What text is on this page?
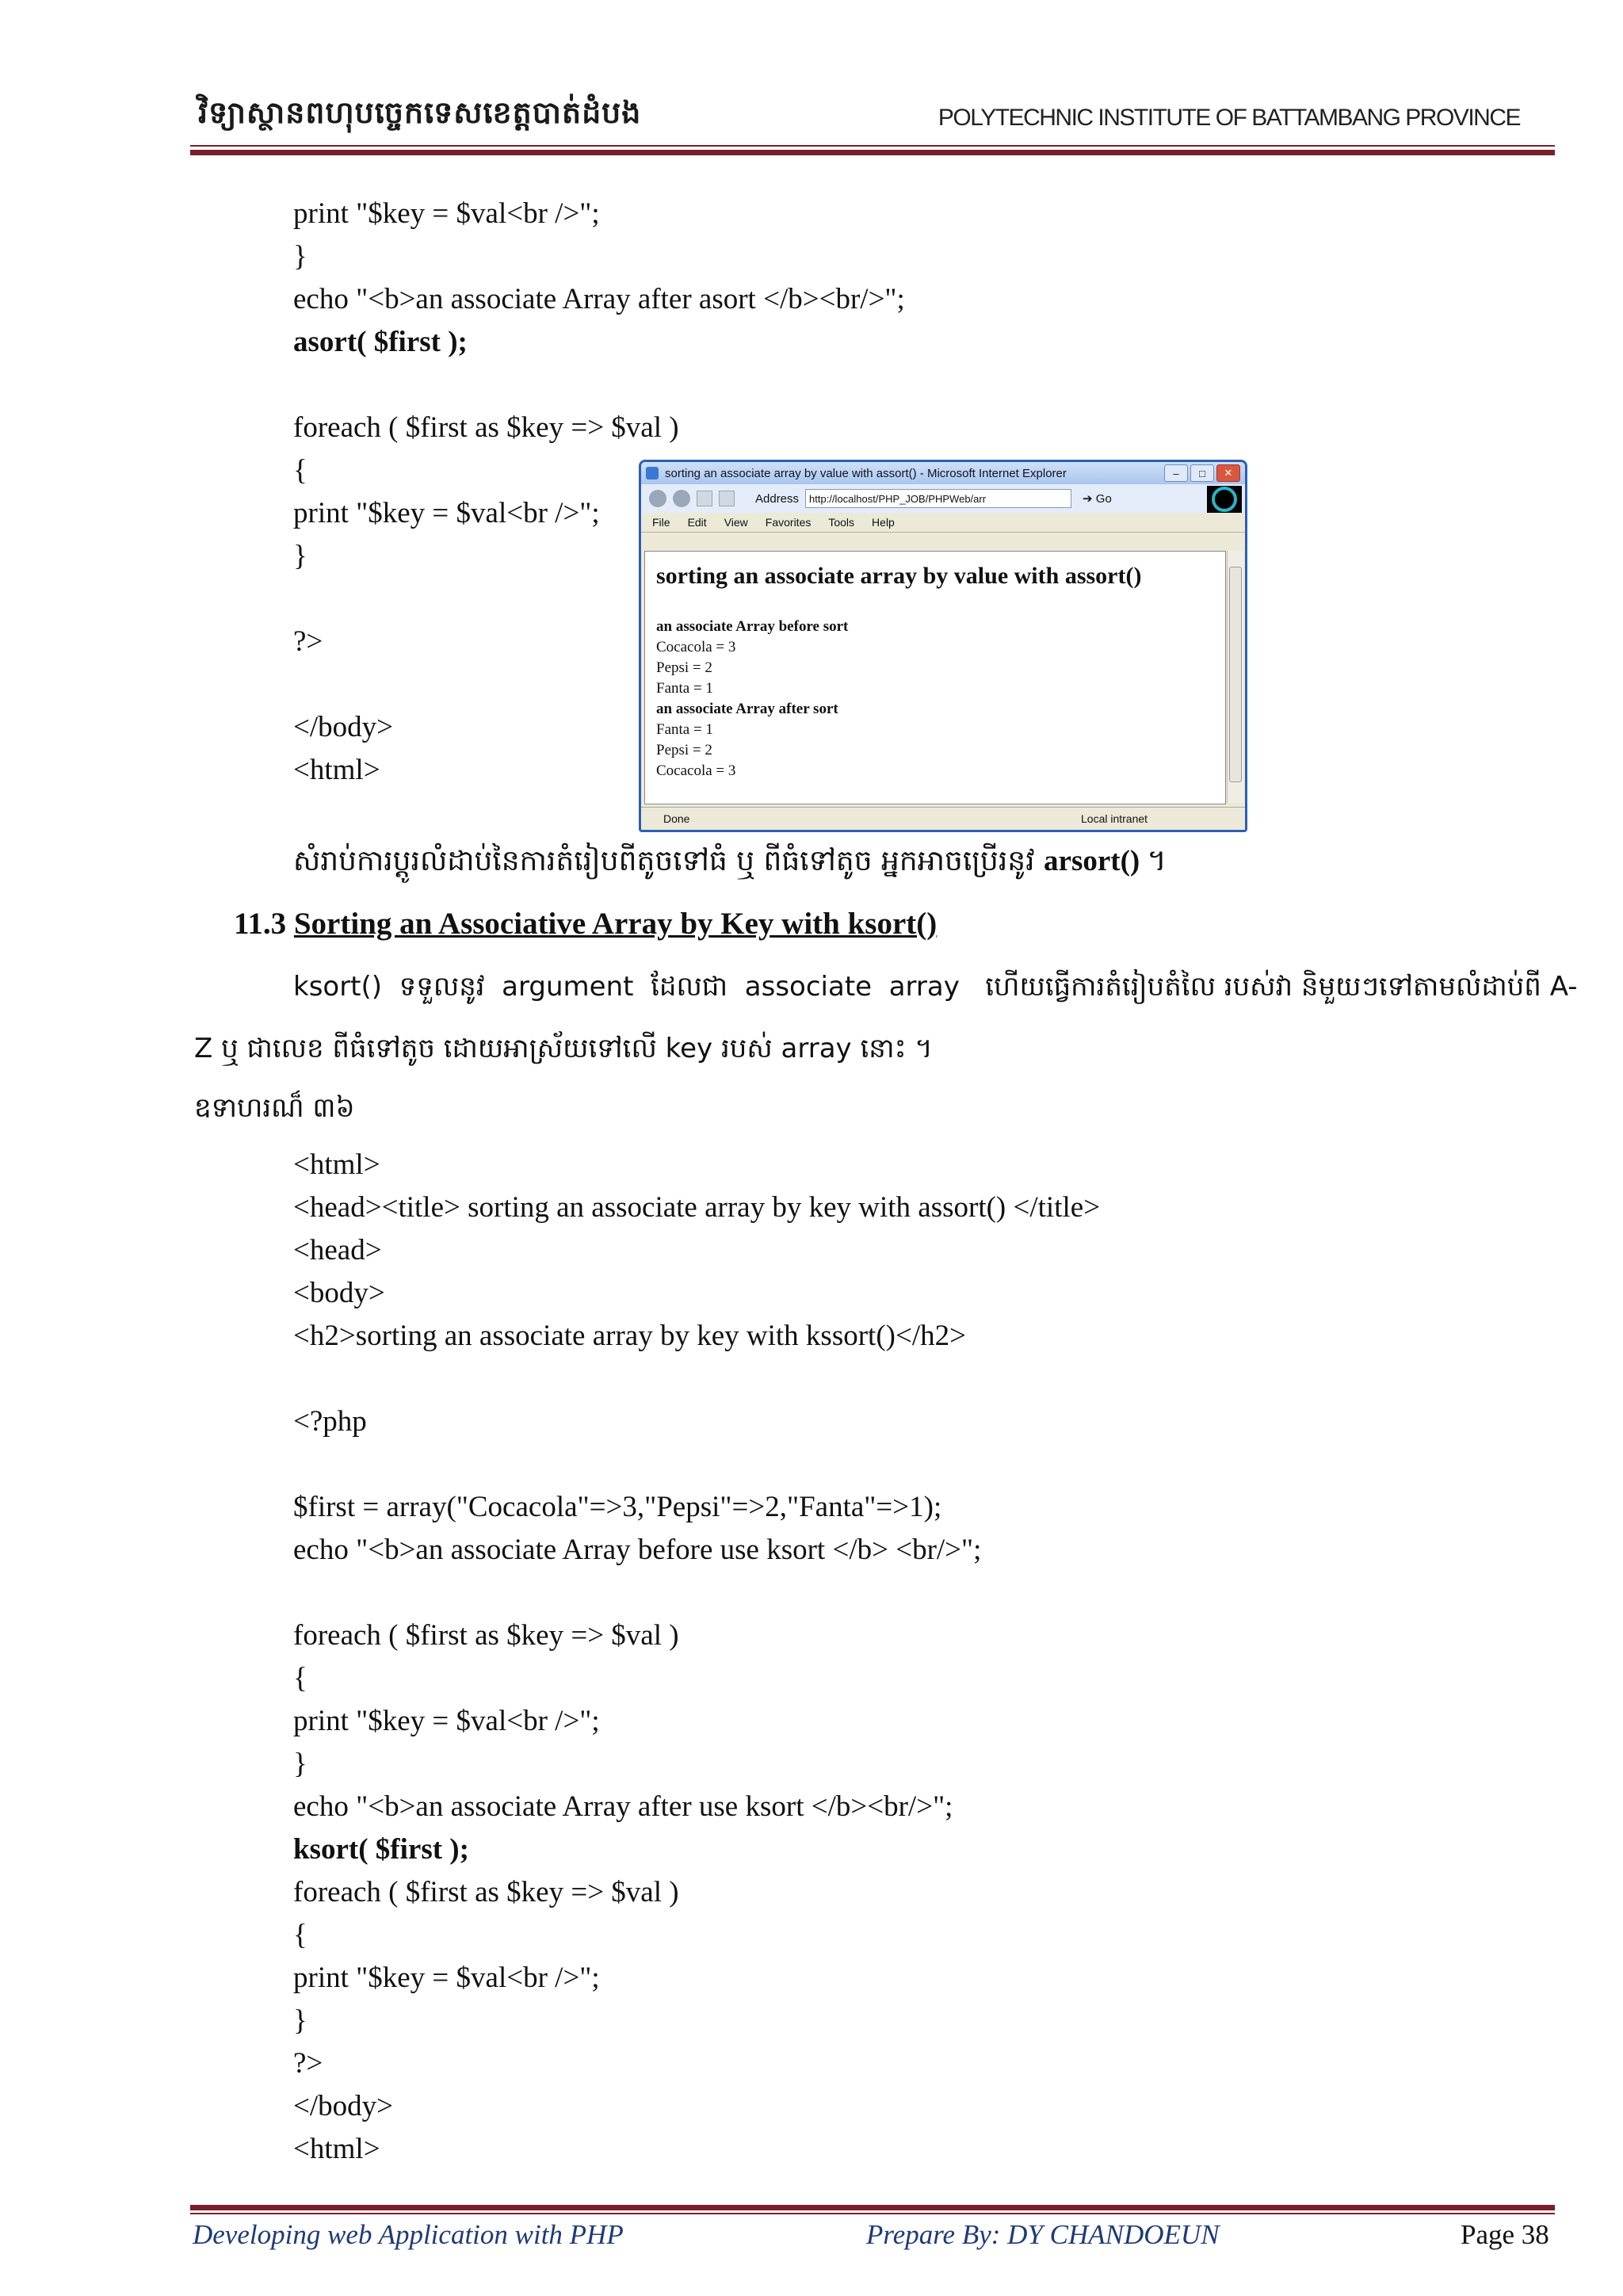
វិទ្យាស្ថានពហុបច្ចេកទេសខេត្តបាត់ដំបង	POLYTECHNIC INSTITUTE OF BATTAMBANG PROVINCE
print "$key = $val<br />";
}
echo "<b>an associate Array after asort </b><br/>";
asort( $first );
foreach ( $first as $key => $val )
{
print "$key = $val<br />";
}
?>
</body>
<html>
sorting an associate array by value with assort() - Microsoft Internet Explorer	–	□	✕
Address	http://localhost/PHP_JOB/PHPWeb/arr	➔ Go
File Edit View Favorites Tools Help
sorting an associate array by value with assort()
an associate Array before sort
Cocacola = 3
Pepsi = 2
Fanta = 1
an associate Array after sort
Fanta = 1
Pepsi = 2
Cocacola = 3
Done	Local intranet
សំរាប់ការប្តូរលំដាប់នៃការតំរៀបពីតូចទៅធំ ឬ ពីធំទៅតូច អ្នកអាចប្រើរនូវ arsort() ។
11.3 Sorting an Associative Array by Key with ksort()
ksort()  ទទួលនូវ  argument  ដែលជា  associate  array   ហើយធ្វើការតំរៀបតំលៃ របស់វា និមួយៗទៅតាមលំដាប់ពី A-
Z ឬ ជាលេខ ពីធំទៅតូច ដោយអាស្រ័យទៅលើ key របស់ array នោះ ។
ឧទាហរណ៏ ៣៦
<html>
<head><title> sorting an associate array by key with assort() </title>
<head>
<body>
<h2>sorting an associate array by key with kssort()</h2>
<?php
$first = array("Cocacola"=>3,"Pepsi"=>2,"Fanta"=>1);
echo "<b>an associate Array before use ksort </b> <br/>";
foreach ( $first as $key => $val )
{
print "$key = $val<br />";
}
echo "<b>an associate Array after use ksort </b><br/>";
ksort( $first );
foreach ( $first as $key => $val )
{
print "$key = $val<br />";
}
?>
</body>
<html>
Developing web Application with PHP	Prepare By: DY CHANDOEUN	Page 38
